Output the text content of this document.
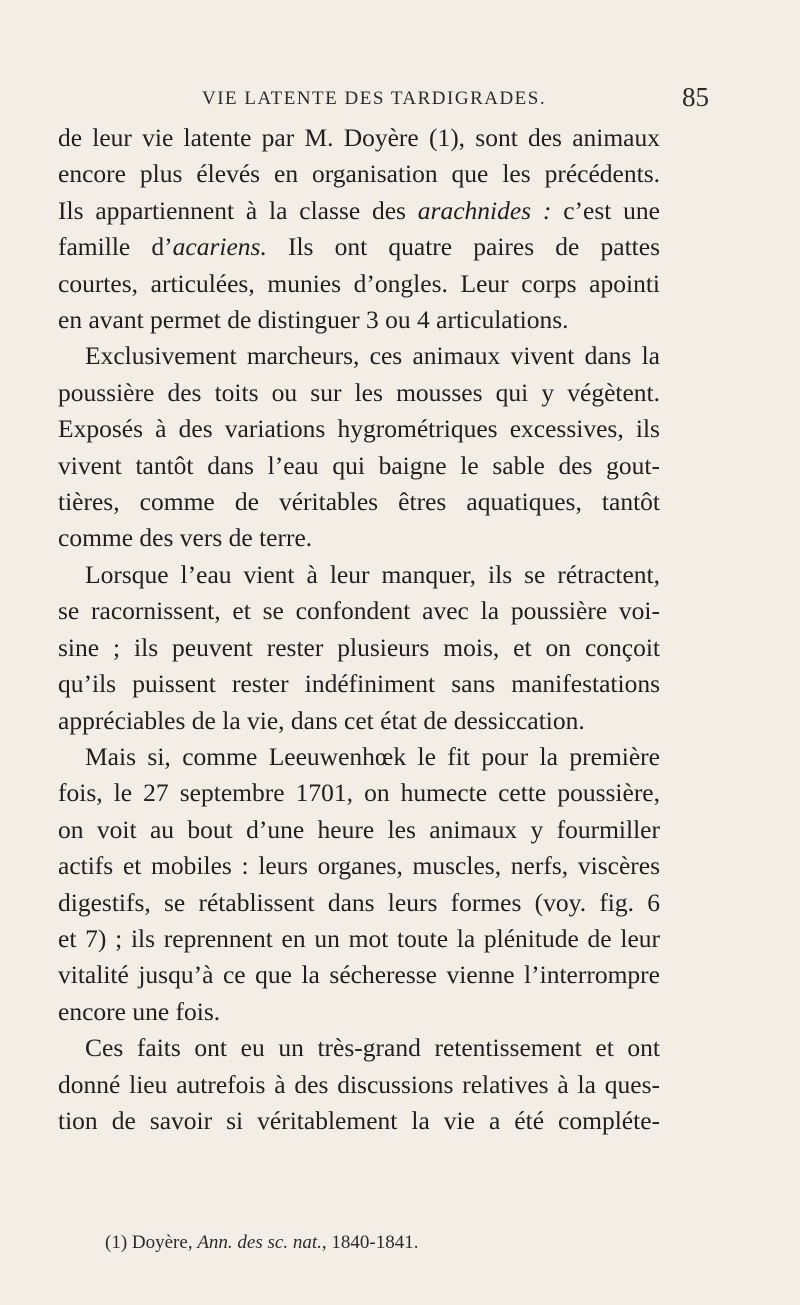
VIE LATENTE DES TARDIGRADES.	85
de leur vie latente par M. Doyère (1), sont des animaux
encore plus élevés en organisation que les précédents.
Ils appartiennent à la classe des arachnides : c’est une
famille d’acariens. Ils ont quatre paires de pattes
courtes, articulées, munies d’ongles. Leur corps apointi
en avant permet de distinguer 3 ou 4 articulations.
Exclusivement marcheurs, ces animaux vivent dans la
poussière des toits ou sur les mousses qui y végètent.
Exposés à des variations hygrométriques excessives, ils
vivent tantôt dans l’eau qui baigne le sable des gout-
tières, comme de véritables êtres aquatiques, tantôt
comme des vers de terre.
Lorsque l’eau vient à leur manquer, ils se rétractent,
se racornissent, et se confondent avec la poussière voi-
sine ; ils peuvent rester plusieurs mois, et on conçoit
qu’ils puissent rester indéfiniment sans manifestations
appréciables de la vie, dans cet état de dessiccation.
Mais si, comme Leeuwenhœk le fit pour la première
fois, le 27 septembre 1701, on humecte cette poussière,
on voit au bout d’une heure les animaux y fourmiller
actifs et mobiles : leurs organes, muscles, nerfs, viscères
digestifs, se rétablissent dans leurs formes (voy. fig. 6
et 7) ; ils reprennent en un mot toute la plénitude de leur
vitalité jusqu’à ce que la sécheresse vienne l’interrompre
encore une fois.
Ces faits ont eu un très-grand retentissement et ont
donné lieu autrefois à des discussions relatives à la ques-
tion de savoir si véritablement la vie a été compléte-
(1) Doyère, Ann. des sc. nat., 1840-1841.
